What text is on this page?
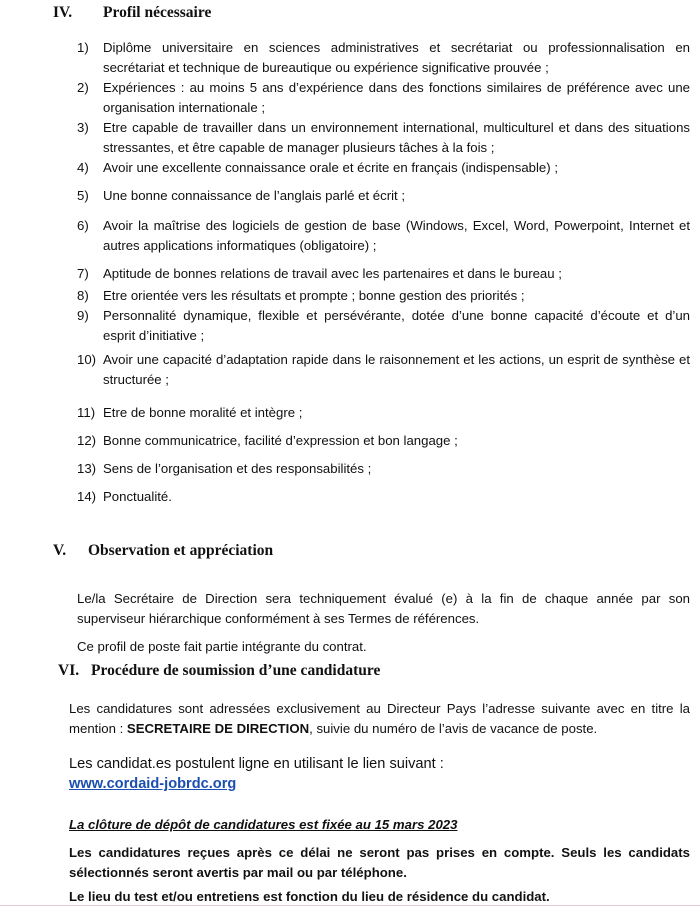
IV. Profil nécessaire
1) Diplôme universitaire en sciences administratives et secrétariat ou professionnalisation en secrétariat et technique de bureautique ou expérience significative prouvée ;
2) Expériences : au moins 5 ans d’expérience dans des fonctions similaires de préférence avec une organisation internationale ;
3) Etre capable de travailler dans un environnement international, multiculturel et dans des situations stressantes, et être capable de manager plusieurs tâches à la fois ;
4) Avoir une excellente connaissance orale et écrite en français (indispensable) ;
5) Une bonne connaissance de l’anglais parlé et écrit ;
6) Avoir la maîtrise des logiciels de gestion de base (Windows, Excel, Word, Powerpoint, Internet et autres applications informatiques (obligatoire) ;
7) Aptitude de bonnes relations de travail avec les partenaires et dans le bureau ;
8) Etre orientée vers les résultats et prompte ; bonne gestion des priorités ;
9) Personnalité dynamique, flexible et persévérante, dotée d’une bonne capacité d’écoute et d’un esprit d’initiative ;
10) Avoir une capacité d’adaptation rapide dans le raisonnement et les actions, un esprit de synthèse et structurée ;
11) Etre de bonne moralité et intègre ;
12) Bonne communicatrice, facilité d’expression et bon langage ;
13) Sens de l’organisation et des responsabilités ;
14) Ponctualité.
V. Observation et appréciation
Le/la Secrétaire de Direction sera techniquement évalué (e) à la fin de chaque année par son superviseur hiérarchique conformément à ses Termes de références.
Ce profil de poste fait partie intégrante du contrat.
VI. Procédure de soumission d’une candidature
Les candidatures sont adressées exclusivement au Directeur Pays l’adresse suivante avec en titre la mention : SECRETAIRE DE DIRECTION, suivie du numéro de l’avis de vacance de poste.
Les candidat.es postulent ligne en utilisant le lien suivant :
www.cordaid-jobrdc.org
La clôture de dépôt de candidatures est fixée au 15 mars 2023
Les candidatures reçues après ce délai ne seront pas prises en compte. Seuls les candidats sélectionnés seront avertis par mail ou par téléphone.
Le lieu du test et/ou entretiens est fonction du lieu de résidence du candidat.
